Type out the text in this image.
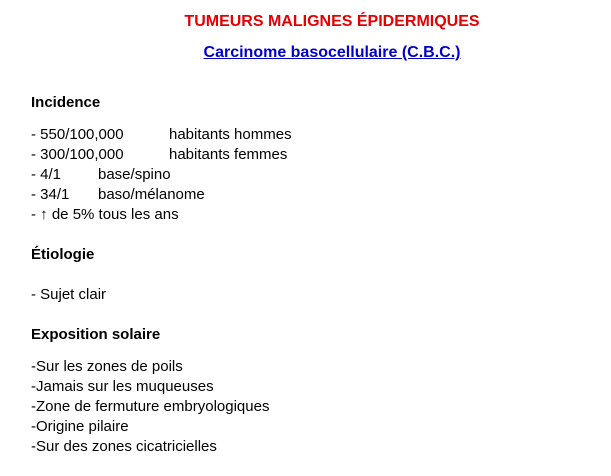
TUMEURS MALIGNES ÉPIDERMIQUES
Carcinome basocellulaire (C.B.C.)
Incidence
- 550/100,000	habitants hommes
- 300/100,000	habitants femmes
- 4/1 base/spino
- 34/1 baso/mélanome
- ↑ de 5% tous les ans
Étiologie
- Sujet clair
Exposition solaire
-Sur les zones de poils
-Jamais sur les muqueuses
-Zone de fermuture embryologiques
-Origine pilaire
-Sur des zones cicatricielles
